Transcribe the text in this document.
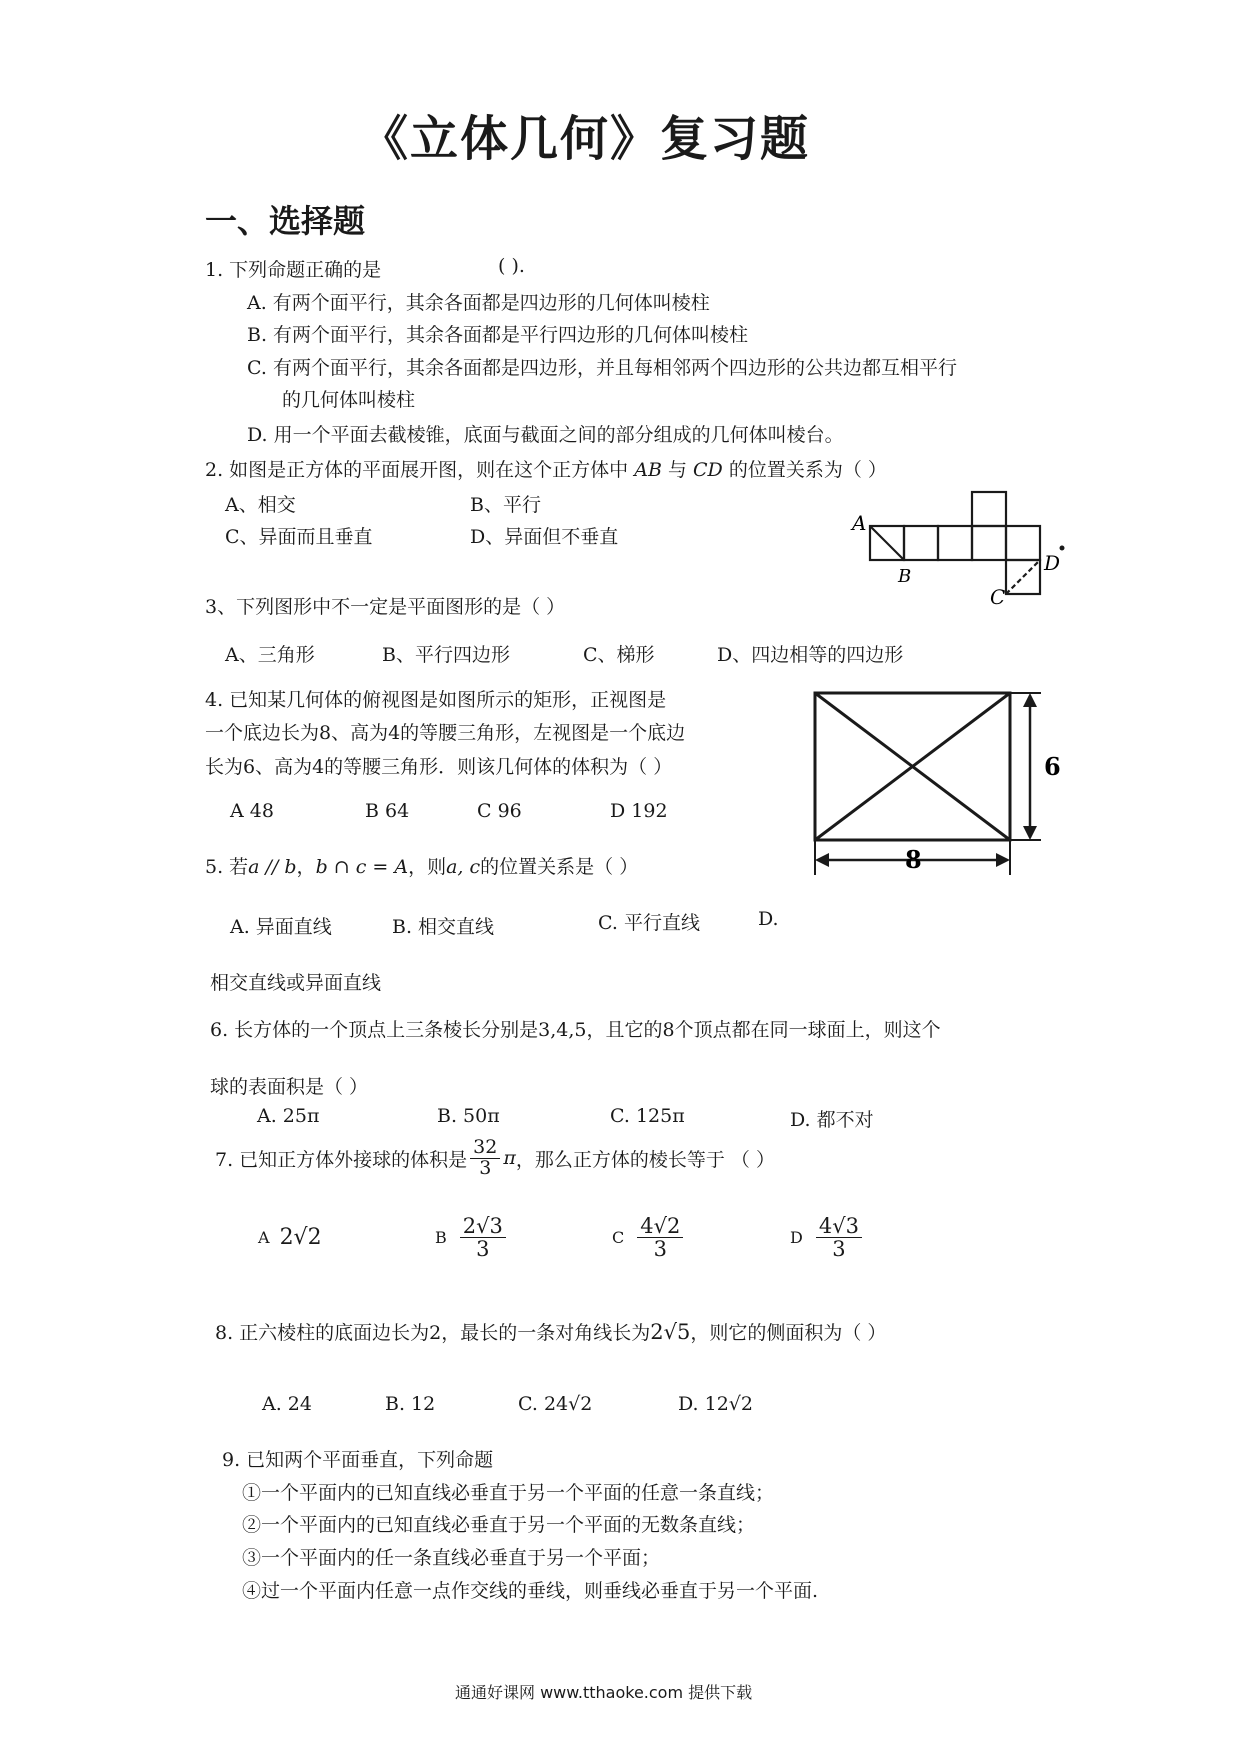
《立体几何》复习题
一、选择题
1. 下列命题正确的是	( ).
A. 有两个面平行，其余各面都是四边形的几何体叫棱柱
B. 有两个面平行，其余各面都是平行四边形的几何体叫棱柱
C. 有两个面平行，其余各面都是四边形，并且每相邻两个四边形的公共边都互相平行
的几何体叫棱柱
D. 用一个平面去截棱锥，底面与截面之间的部分组成的几何体叫棱台。
2. 如图是正方体的平面展开图，则在这个正方体中 AB 与 CD 的位置关系为（ ）
A、相交	B、平行
C、异面而且垂直	D、异面但不垂直
A
B
C
D
3、下列图形中不一定是平面图形的是（ ）
A、三角形	B、平行四边形	C、梯形	D、四边相等的四边形
4. 已知某几何体的俯视图是如图所示的矩形，正视图是
一个底边长为8、高为4的等腰三角形，左视图是一个底边
长为6、高为4的等腰三角形．则该几何体的体积为（ ）
A 48	B 64	C 96	D 192
6
8
5. 若a // b，b ∩ c = A，则a, c的位置关系是（ ）
A. 异面直线	B. 相交直线	C. 平行直线	D.
相交直线或异面直线
6. 长方体的一个顶点上三条棱长分别是3,4,5，且它的8个顶点都在同一球面上，则这个
球的表面积是（ ）
A. 25π	B. 50π	C. 125π	D. 都不对
7. 已知正方体外接球的体积是 $\frac{32}{3}$ π ，那么正方体的棱长等于 （ ）
A 2√2	B $\frac{2√3}{3}$	C $\frac{4√2}{3}$	D $\frac{4√3}{3}$
8. 正六棱柱的底面边长为2，最长的一条对角线长为2√5，则它的侧面积为（ ）
A. 24	B. 12	C. 24√2	D. 12√2
9. 已知两个平面垂直，下列命题
①一个平面内的已知直线必垂直于另一个平面的任意一条直线；
②一个平面内的已知直线必垂直于另一个平面的无数条直线；
③一个平面内的任一条直线必垂直于另一个平面；
④过一个平面内任意一点作交线的垂线，则垂线必垂直于另一个平面.
通通好课网 www.tthaoke.com 提供下载
